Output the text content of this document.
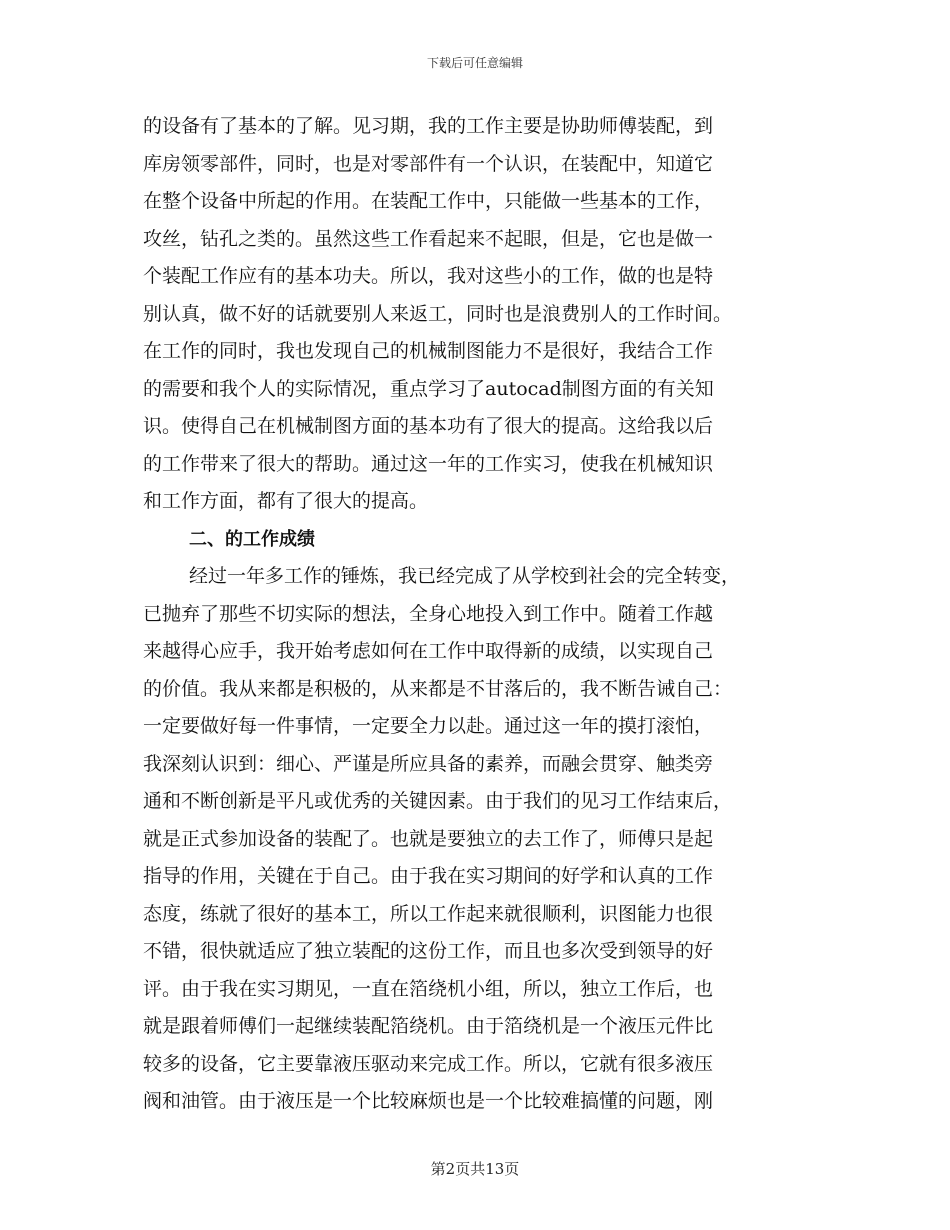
下载后可任意编辑
的设备有了基本的了解。见习期，我的工作主要是协助师傅装配，到
库房领零部件，同时，也是对零部件有一个认识，在装配中，知道它
在整个设备中所起的作用。在装配工作中，只能做一些基本的工作，
攻丝，钻孔之类的。虽然这些工作看起来不起眼，但是，它也是做一
个装配工作应有的基本功夫。所以，我对这些小的工作，做的也是特
别认真，做不好的话就要别人来返工，同时也是浪费别人的工作时间。
在工作的同时，我也发现自己的机械制图能力不是很好，我结合工作
的需要和我个人的实际情况，重点学习了autocad制图方面的有关知
识。使得自己在机械制图方面的基本功有了很大的提高。这给我以后
的工作带来了很大的帮助。通过这一年的工作实习，使我在机械知识
和工作方面，都有了很大的提高。
二、的工作成绩
经过一年多工作的锤炼，我已经完成了从学校到社会的完全转变，
已抛弃了那些不切实际的想法，全身心地投入到工作中。随着工作越
来越得心应手，我开始考虑如何在工作中取得新的成绩，以实现自己
的价值。我从来都是积极的，从来都是不甘落后的，我不断告诫自己：
一定要做好每一件事情，一定要全力以赴。通过这一年的摸打滚怕，
我深刻认识到：细心、严谨是所应具备的素养，而融会贯穿、触类旁
通和不断创新是平凡或优秀的关键因素。由于我们的见习工作结束后，
就是正式参加设备的装配了。也就是要独立的去工作了，师傅只是起
指导的作用，关键在于自己。由于我在实习期间的好学和认真的工作
态度，练就了很好的基本工，所以工作起来就很顺利，识图能力也很
不错，很快就适应了独立装配的这份工作，而且也多次受到领导的好
评。由于我在实习期见，一直在箔绕机小组，所以，独立工作后，也
就是跟着师傅们一起继续装配箔绕机。由于箔绕机是一个液压元件比
较多的设备，它主要靠液压驱动来完成工作。所以，它就有很多液压
阀和油管。由于液压是一个比较麻烦也是一个比较难搞懂的问题，刚
第2页共13页
